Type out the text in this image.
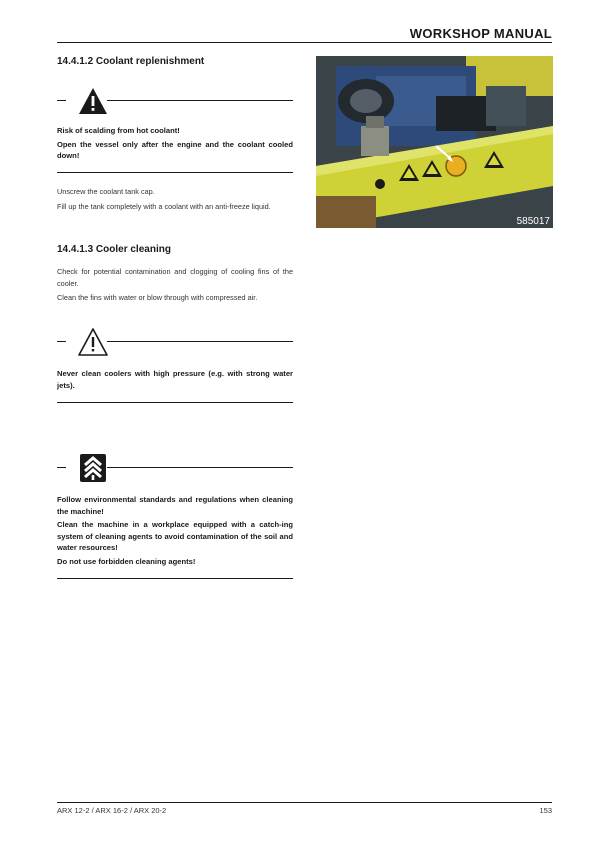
WORKSHOP MANUAL
14.4.1.2 Coolant replenishment

Risk of scalding from hot coolant!

Open the vessel only after the engine and the coolant cooled down!

Unscrew the coolant tank cap.

Fill up the tank completely with a coolant with an anti-freeze liquid.

14.4.1.3 Cooler cleaning

Check for potential contamination and clogging of cooling fins of the cooler.

Clean the fins with water or blow through with compressed air.

Never clean coolers with high pressure (e.g. with strong water jets).

Follow environmental standards and regulations when cleaning the machine!

Clean the machine in a workplace equipped with a catch-ing system of cleaning agents to avoid contamination of the soil and water resources!

Do not use forbidden cleaning agents!

585017
ARX 12-2 / ARX 16-2 / ARX 20-2	153
